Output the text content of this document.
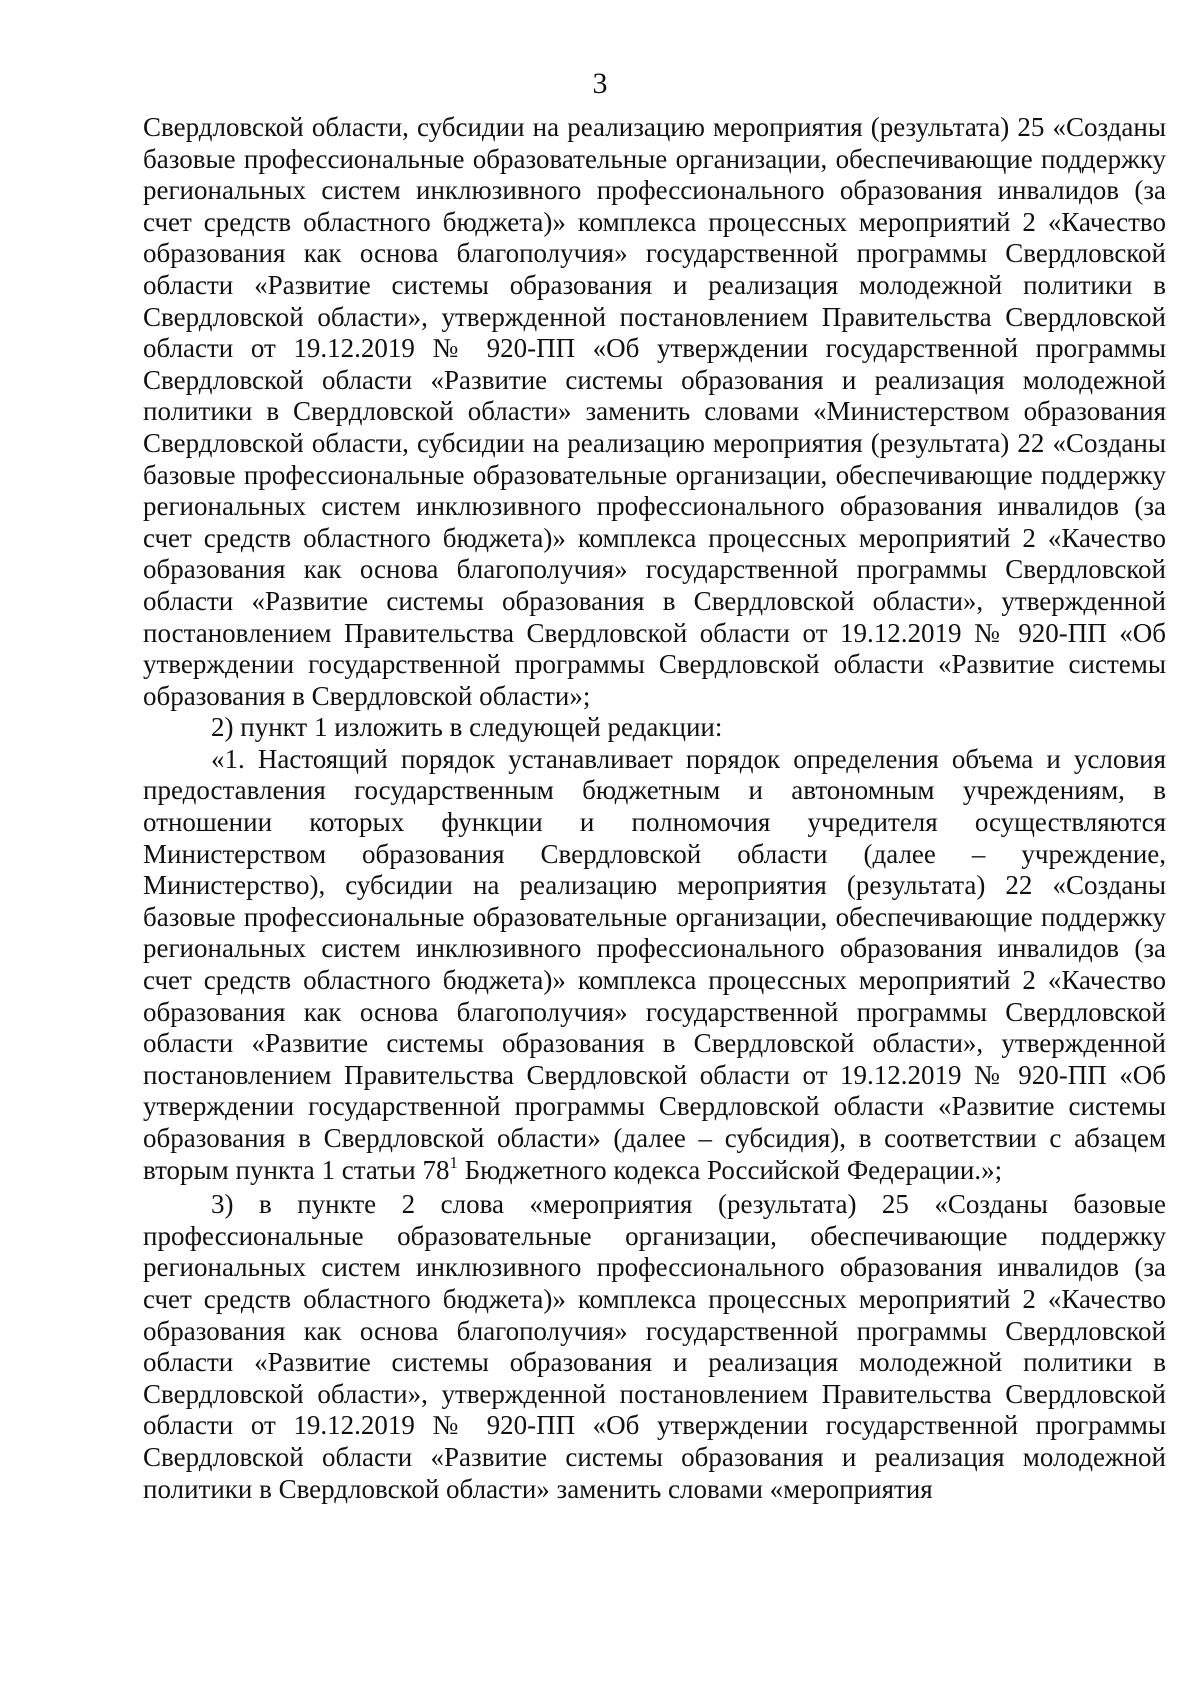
3

Свердловской области, субсидии на реализацию мероприятия (результата) 25 «Созданы базовые профессиональные образовательные организации, обеспечивающие поддержку региональных систем инклюзивного профессионального образования инвалидов (за счет средств областного бюджета)» комплекса процессных мероприятий 2 «Качество образования как основа благополучия» государственной программы Свердловской области «Развитие системы образования и реализация молодежной политики в Свердловской области», утвержденной постановлением Правительства Свердловской области от 19.12.2019 № 920-ПП «Об утверждении государственной программы Свердловской области «Развитие системы образования и реализация молодежной политики в Свердловской области» заменить словами «Министерством образования Свердловской области, субсидии на реализацию мероприятия (результата) 22 «Созданы базовые профессиональные образовательные организации, обеспечивающие поддержку региональных систем инклюзивного профессионального образования инвалидов (за счет средств областного бюджета)» комплекса процессных мероприятий 2 «Качество образования как основа благополучия» государственной программы Свердловской области «Развитие системы образования в Свердловской области», утвержденной постановлением Правительства Свердловской области от 19.12.2019 № 920-ПП «Об утверждении государственной программы Свердловской области «Развитие системы образования в Свердловской области»;

2) пункт 1 изложить в следующей редакции:

«1. Настоящий порядок устанавливает порядок определения объема и условия предоставления государственным бюджетным и автономным учреждениям, в отношении которых функции и полномочия учредителя осуществляются Министерством образования Свердловской области (далее – учреждение, Министерство), субсидии на реализацию мероприятия (результата) 22 «Созданы базовые профессиональные образовательные организации, обеспечивающие поддержку региональных систем инклюзивного профессионального образования инвалидов (за счет средств областного бюджета)» комплекса процессных мероприятий 2 «Качество образования как основа благополучия» государственной программы Свердловской области «Развитие системы образования в Свердловской области», утвержденной постановлением Правительства Свердловской области от 19.12.2019 № 920-ПП «Об утверждении государственной программы Свердловской области «Развитие системы образования в Свердловской области» (далее – субсидия), в соответствии с абзацем вторым пункта 1 статьи $78^1$ Бюджетного кодекса Российской Федерации.»;

3) в пункте 2 слова «мероприятия (результата) 25 «Созданы базовые профессиональные образовательные организации, обеспечивающие поддержку региональных систем инклюзивного профессионального образования инвалидов (за счет средств областного бюджета)» комплекса процессных мероприятий 2 «Качество образования как основа благополучия» государственной программы Свердловской области «Развитие системы образования и реализация молодежной политики в Свердловской области», утвержденной постановлением Правительства Свердловской области от 19.12.2019 № 920-ПП «Об утверждении государственной программы Свердловской области «Развитие системы образования и реализация молодежной политики в Свердловской области» заменить словами «мероприятия
